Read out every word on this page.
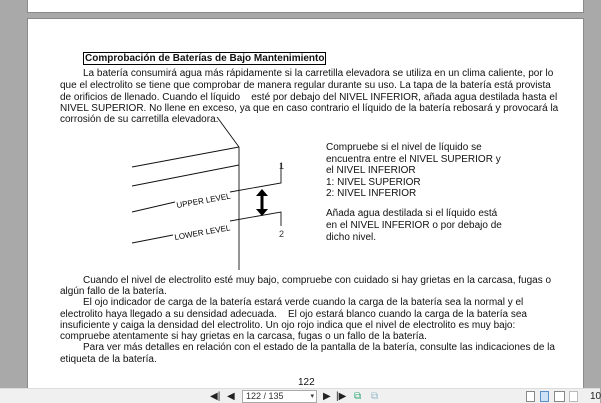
Comprobación de Baterías de Bajo Mantenimiento
La batería consumirá agua más rápidamente si la carretilla elevadora se utiliza en un clima caliente, por lo
que el electrolito se tiene que comprobar de manera regular durante su uso. La tapa de la batería está provista
de orificios de llenado. Cuando el líquido    esté por debajo del NIVEL INFERIOR, añada agua destilada hasta el
NIVEL SUPERIOR. No llene en exceso, ya que en caso contrario el líquido de la batería rebosará y provocará la
corrosión de su carretilla elevadora.
UPPER LEVEL
LOWER LEVEL
1
2
Compruebe si el nivel de líquido se
encuentra entre el NIVEL SUPERIOR y
el NIVEL INFERIOR
1: NIVEL SUPERIOR
2: NIVEL INFERIOR
Añada agua destilada si el líquido está
en el NIVEL INFERIOR o por debajo de
dicho nivel.
Cuando el nivel de electrolito esté muy bajo, compruebe con cuidado si hay grietas en la carcasa, fugas o
algún fallo de la batería.
El ojo indicador de carga de la batería estará verde cuando la carga de la batería sea la normal y el
electrolito haya llegado a su densidad adecuada.    El ojo estará blanco cuando la carga de la batería sea
insuficiente y caiga la densidad del electrolito. Un ojo rojo indica que el nivel de electrolito es muy bajo:
compruebe atentamente si hay grietas en la carcasa, fugas o un fallo de la batería.
Para ver más detalles en relación con el estado de la pantalla de la batería, consulte las indicaciones de la
etiqueta de la batería.
122
◀| ◀	122 / 135	▾ ▶ |▶ ⧉ ⧉	10
